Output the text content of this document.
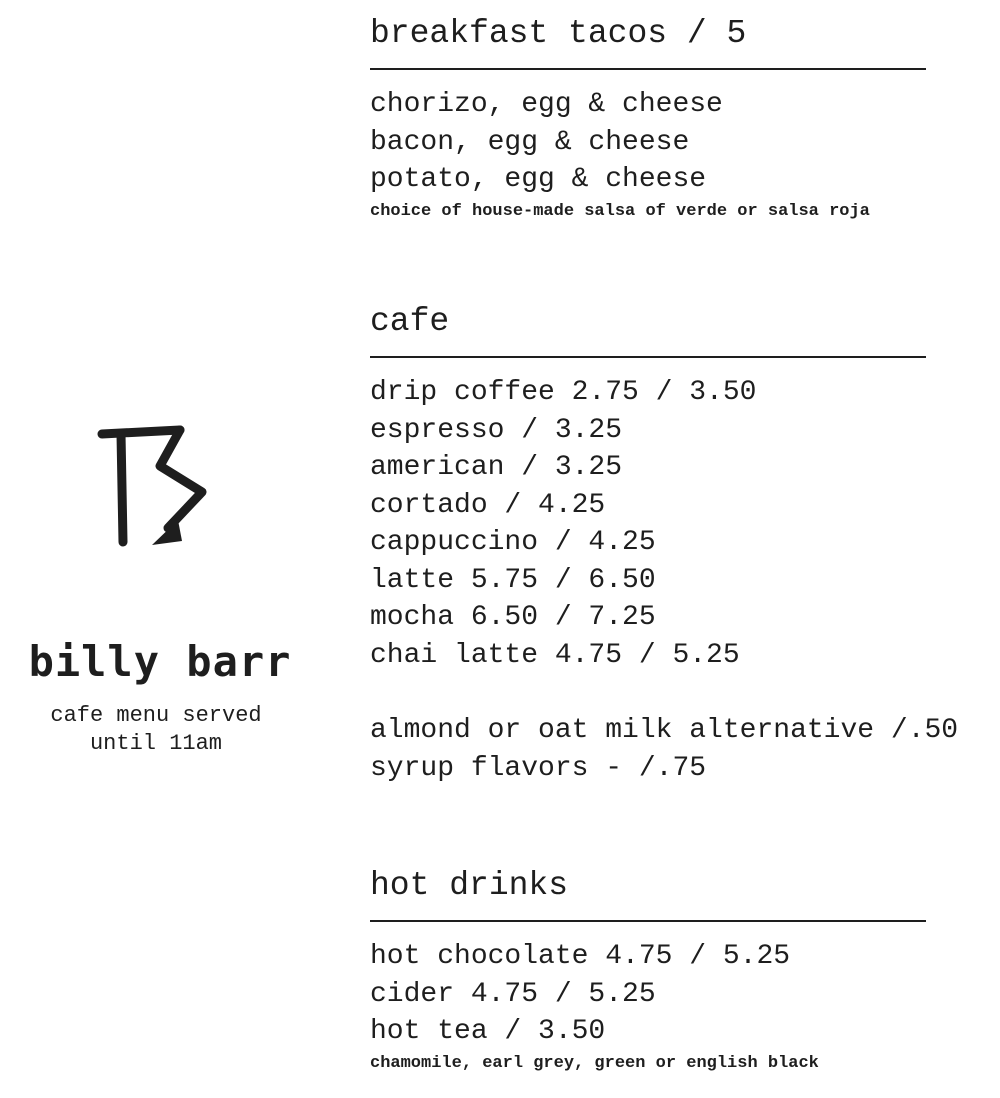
billy barr
cafe menu served
until 11am
breakfast tacos / 5
chorizo, egg & cheese
bacon, egg & cheese
potato, egg & cheese
choice of house-made salsa of verde or salsa roja
cafe
drip coffee 2.75 / 3.50
espresso / 3.25
american / 3.25
cortado / 4.25
cappuccino / 4.25
latte 5.75 / 6.50
mocha 6.50 / 7.25
chai latte 4.75 / 5.25
almond or oat milk alternative /.50
syrup flavors - /.75
hot drinks
hot chocolate 4.75 / 5.25
cider 4.75 / 5.25
hot tea / 3.50
chamomile, earl grey, green or english black
